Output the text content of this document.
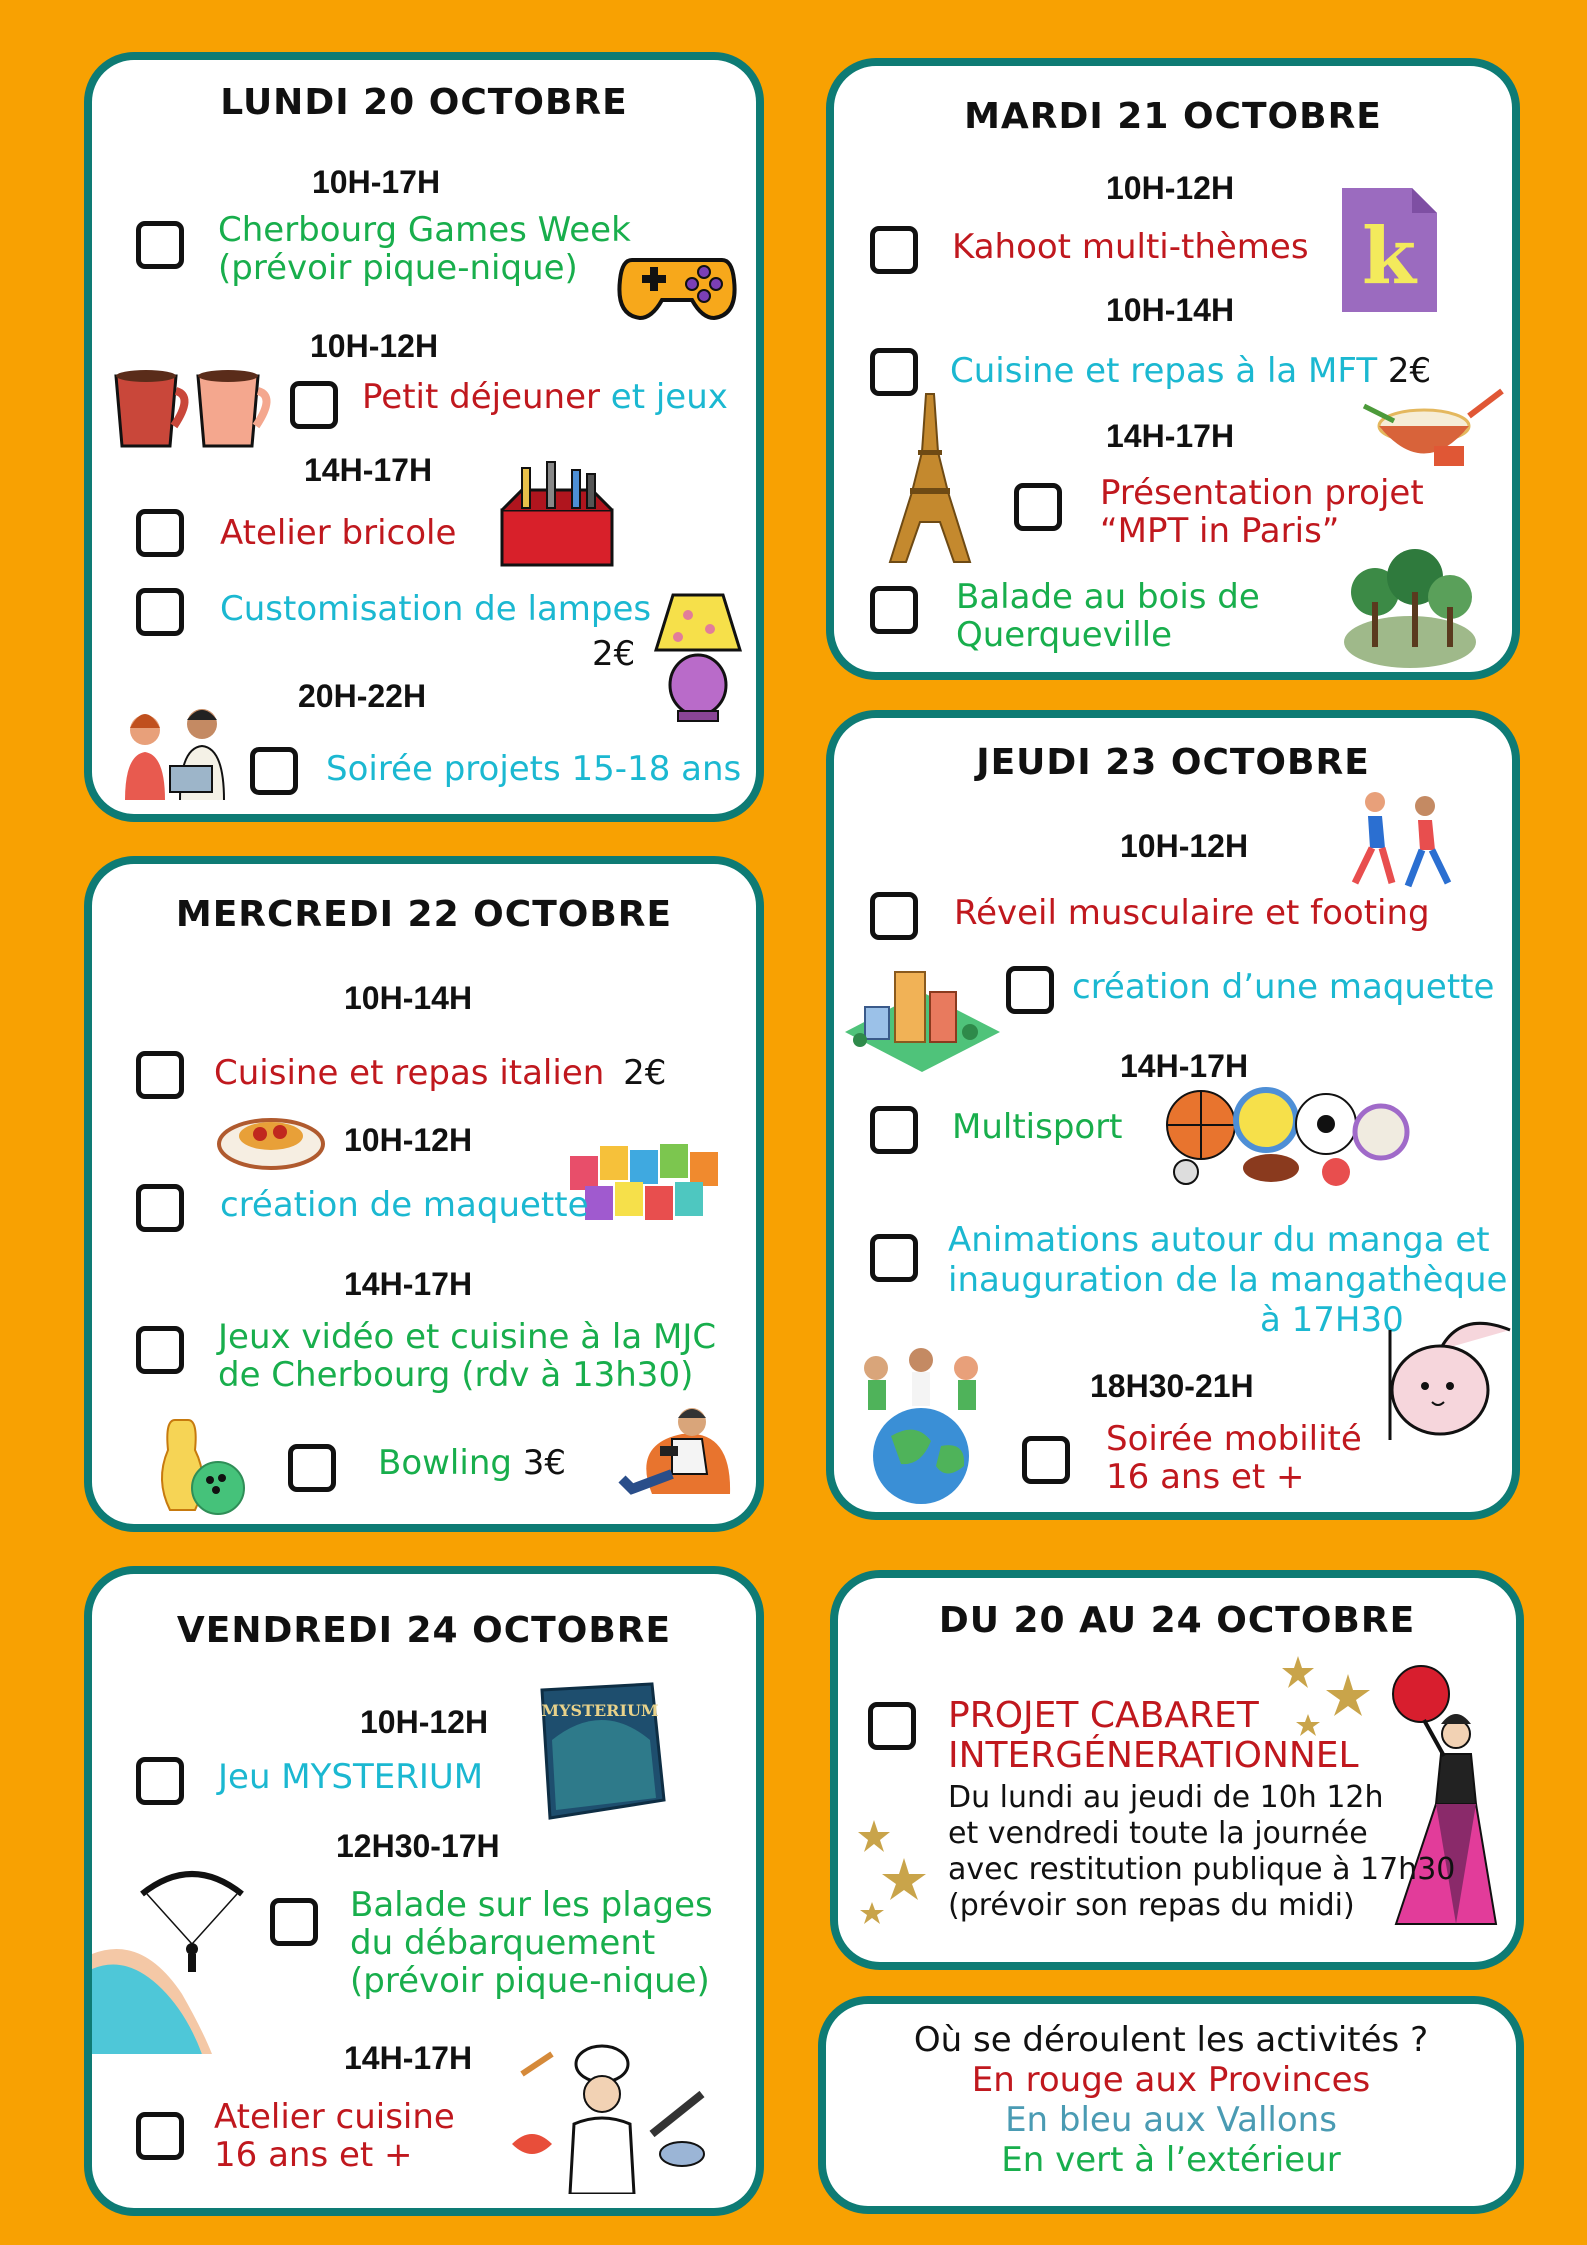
LUNDI 20 OCTOBRE
10H-17H
Cherbourg Games Week
(prévoir pique-nique)
10H-12H
Petit déjeuner et jeux
14H-17H
Atelier bricole
Customisation de lampes
2€
20H-22H
Soirée projets 15-18 ans
MARDI 21 OCTOBRE
10H-12H
Kahoot multi-thèmes k
10H-14H
Cuisine et repas à la MFT 2€
14H-17H
Présentation projet
“MPT in Paris”
Balade au bois de
Querqueville
MERCREDI 22 OCTOBRE
10H-14H
Cuisine et repas italien 2€
10H-12H
création de maquette
14H-17H
Jeux vidéo et cuisine à la MJC
de Cherbourg (rdv à 13h30)
Bowling 3€
JEUDI 23 OCTOBRE
10H-12H
Réveil musculaire et footing
création d’une maquette
14H-17H
Multisport
Animations autour du manga et
inauguration de la mangathèque
à 17H30
18H30-21H
Soirée mobilité
16 ans et +
VENDREDI 24 OCTOBRE
10H-12H
Jeu MYSTERIUM
MYSTERIUM
12H30-17H
Balade sur les plages
du débarquement
(prévoir pique-nique)
14H-17H
Atelier cuisine
16 ans et +
DU 20 AU 24 OCTOBRE
PROJET CABARET
INTERGÉNERATIONNEL
Du lundi au jeudi de 10h 12h
et vendredi toute la journée
avec restitution publique à 17h30
(prévoir son repas du midi)
Où se déroulent les activités ?
En rouge aux Provinces
En bleu aux Vallons
En vert à l’extérieur
